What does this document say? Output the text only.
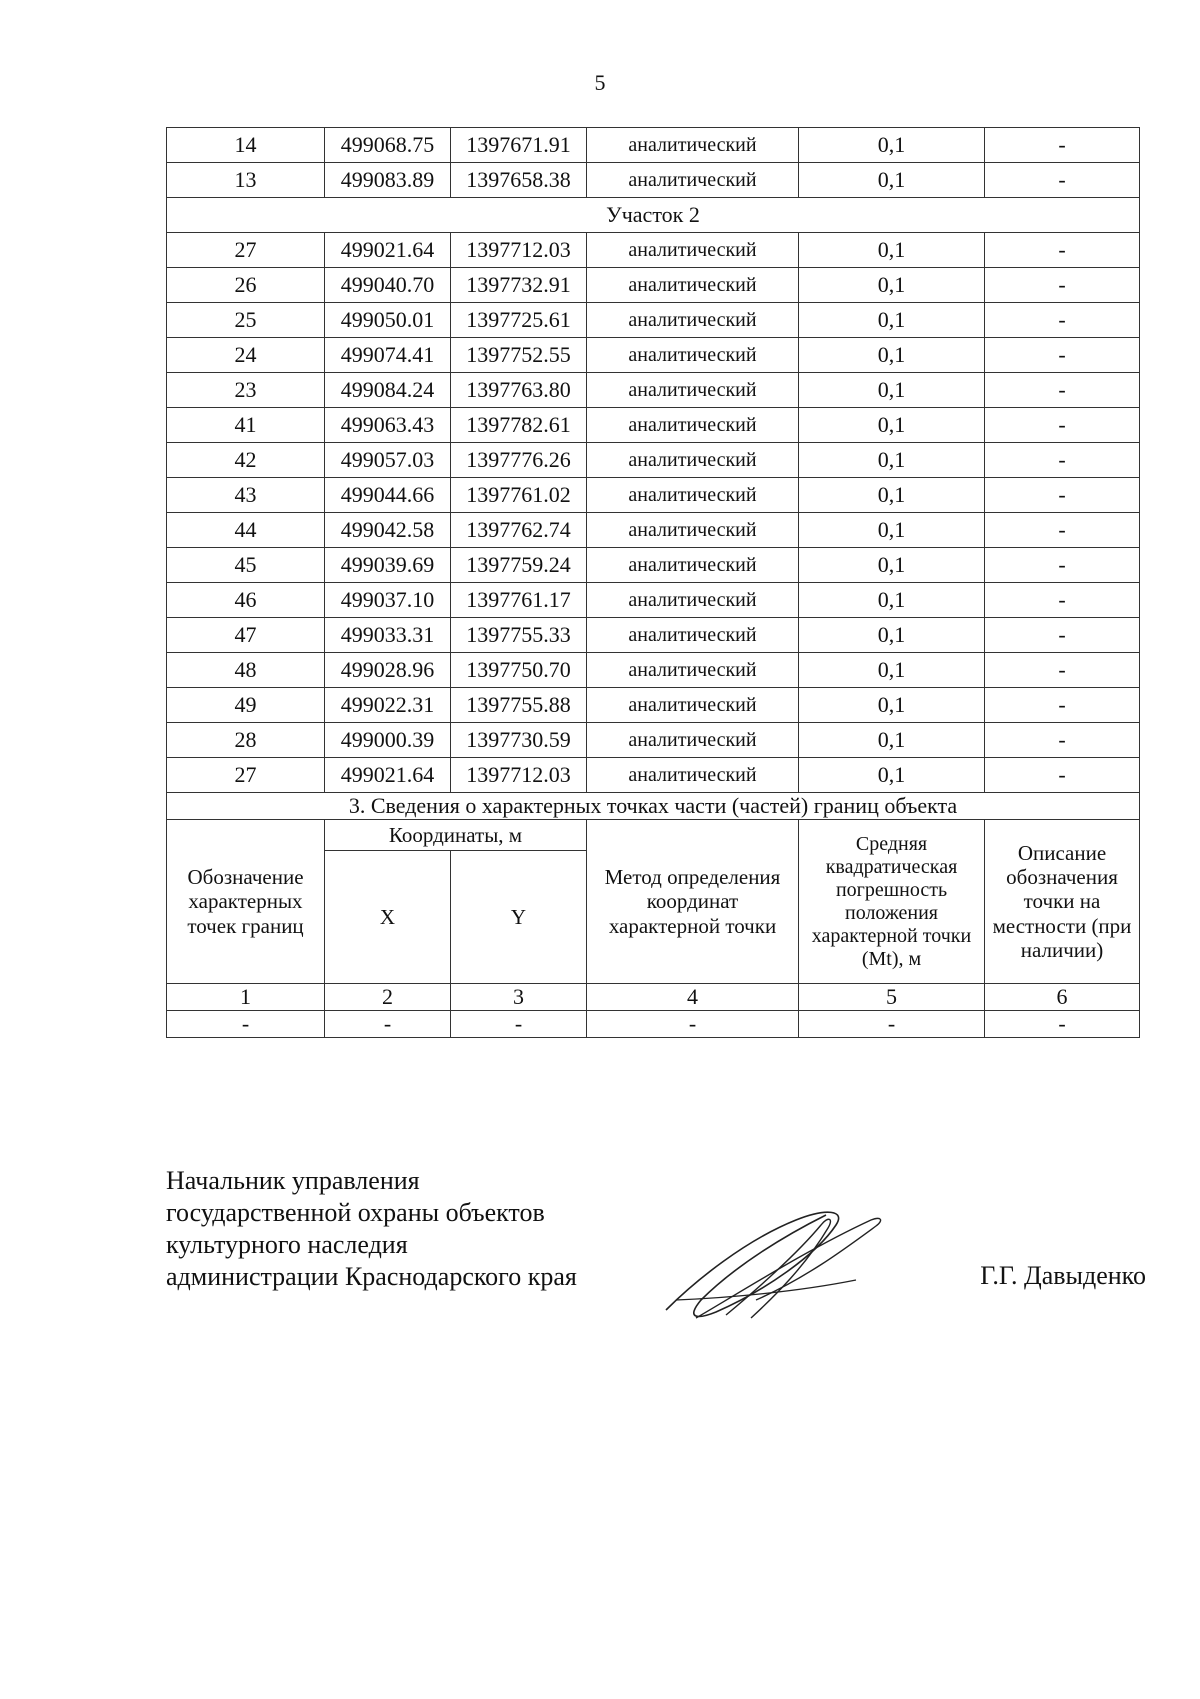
5
14	499068.75	1397671.91	аналитический	0,1	-
13	499083.89	1397658.38	аналитический	0,1	-
Участок 2					
27	499021.64	1397712.03	аналитический	0,1	-
26	499040.70	1397732.91	аналитический	0,1	-
25	499050.01	1397725.61	аналитический	0,1	-
24	499074.41	1397752.55	аналитический	0,1	-
23	499084.24	1397763.80	аналитический	0,1	-
41	499063.43	1397782.61	аналитический	0,1	-
42	499057.03	1397776.26	аналитический	0,1	-
43	499044.66	1397761.02	аналитический	0,1	-
44	499042.58	1397762.74	аналитический	0,1	-
45	499039.69	1397759.24	аналитический	0,1	-
46	499037.10	1397761.17	аналитический	0,1	-
47	499033.31	1397755.33	аналитический	0,1	-
48	499028.96	1397750.70	аналитический	0,1	-
49	499022.31	1397755.88	аналитический	0,1	-
28	499000.39	1397730.59	аналитический	0,1	-
27	499021.64	1397712.03	аналитический	0,1	-
3. Сведения о характерных точках части (частей) границ объекта					
Обозначение характерных точек границ	Координаты, м		Метод определения координат характерной точки	Средняя квадратическая погрешность положения характерной точки (Mt), м	Описание обозначения точки на местности (при наличии)
	X	Y			
1	2	3	4	5	6
-	-	-	-	-	-
Начальник управления
государственной охраны объектов
культурного наследия
администрации Краснодарского края	Г.Г. Давыденко
